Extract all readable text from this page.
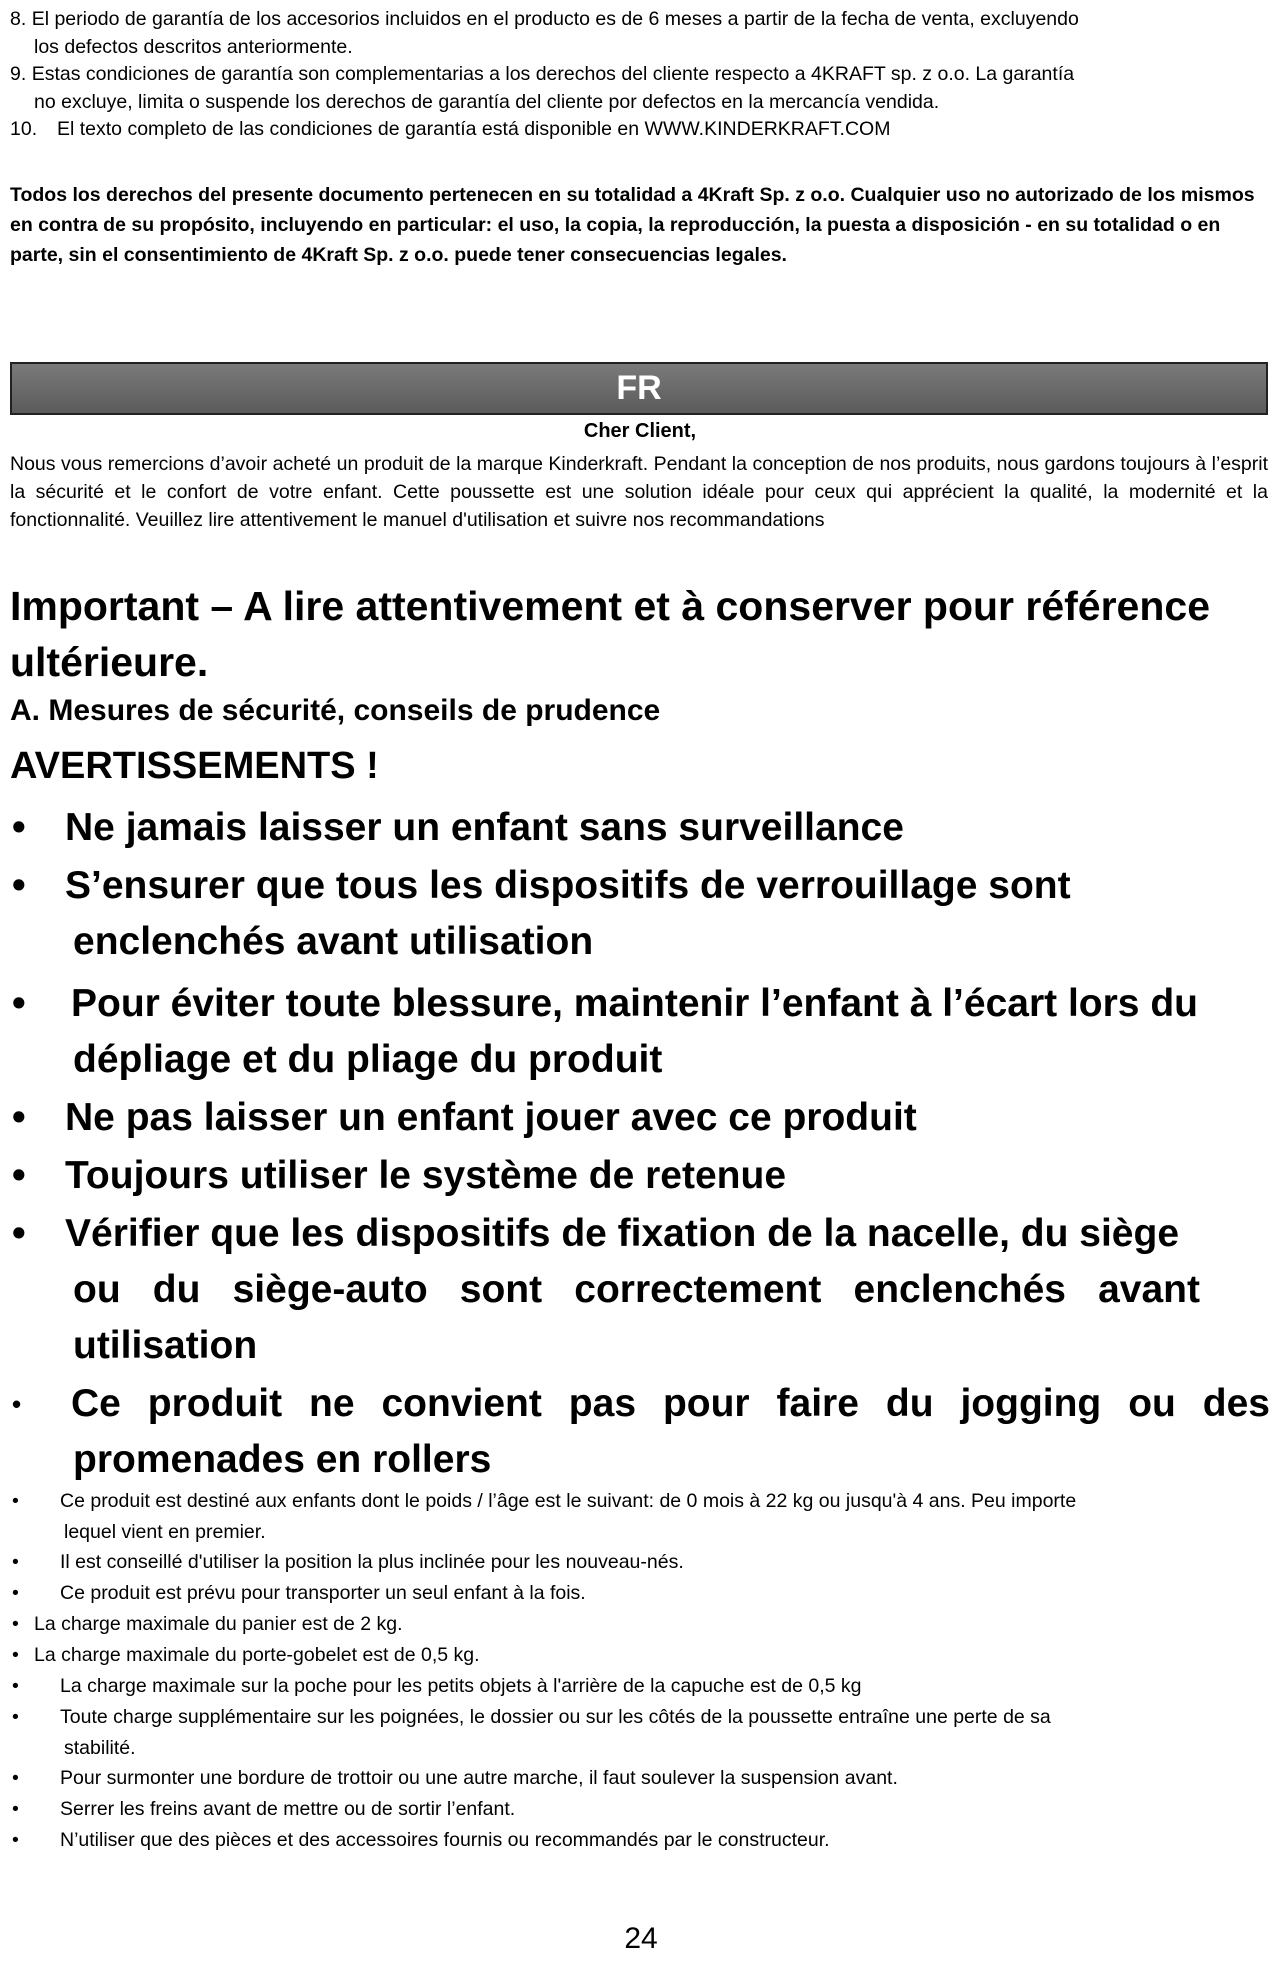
8. El periodo de garantía de los accesorios incluidos en el producto es de 6 meses a partir de la fecha de venta, excluyendo
los defectos descritos anteriormente.
9. Estas condiciones de garantía son complementarias a los derechos del cliente respecto a 4KRAFT sp. z o.o. La garantía
no excluye, limita o suspende los derechos de garantía del cliente por defectos en la mercancía vendida.
10.	El texto completo de las condiciones de garantía está disponible en WWW.KINDERKRAFT.COM
Todos los derechos del presente documento pertenecen en su totalidad a 4Kraft Sp. z o.o. Cualquier uso no autorizado de los mismos en contra de su propósito, incluyendo en particular: el uso, la copia, la reproducción, la puesta a disposición - en su totalidad o en parte, sin el consentimiento de 4Kraft Sp. z o.o. puede tener consecuencias legales.
FR
Cher Client,
Nous vous remercions d’avoir acheté un produit de la marque Kinderkraft. Pendant la conception de nos produits, nous gardons toujours à l’esprit la sécurité et le confort de votre enfant. Cette poussette est une solution idéale pour ceux qui apprécient la qualité, la modernité et la fonctionnalité. Veuillez lire attentivement le manuel d'utilisation et suivre nos recommandations
Important – A lire attentivement et à conserver pour référence ultérieure.
A. Mesures de sécurité, conseils de prudence
AVERTISSEMENTS !
• Ne jamais laisser un enfant sans surveillance
• S’ensurer que tous les dispositifs de verrouillage sont
enclenchés avant utilisation
• Pour éviter toute blessure, maintenir l’enfant à l’écart lors du
dépliage et du pliage du produit
• Ne pas laisser un enfant jouer avec ce produit
• Toujours utiliser le système de retenue
• Vérifier que les dispositifs de fixation de la nacelle, du siège
ou du siège-auto sont correctement enclenchés avant
utilisation
• Ce produit ne convient pas pour faire du jogging ou des
promenades en rollers
• Ce produit est destiné aux enfants dont le poids / l’âge est le suivant: de 0 mois à 22 kg ou jusqu'à 4 ans. Peu importe
lequel vient en premier.
• Il est conseillé d'utiliser la position la plus inclinée pour les nouveau-nés.
• Ce produit est prévu pour transporter un seul enfant à la fois.
• La charge maximale du panier est de 2 kg.
• La charge maximale du porte-gobelet est de 0,5 kg.
• La charge maximale sur la poche pour les petits objets à l'arrière de la capuche est de 0,5 kg
• Toute charge supplémentaire sur les poignées, le dossier ou sur les côtés de la poussette entraîne une perte de sa
stabilité.
• Pour surmonter une bordure de trottoir ou une autre marche, il faut soulever la suspension avant.
• Serrer les freins avant de mettre ou de sortir l’enfant.
• N’utiliser que des pièces et des accessoires fournis ou recommandés par le constructeur.
24
